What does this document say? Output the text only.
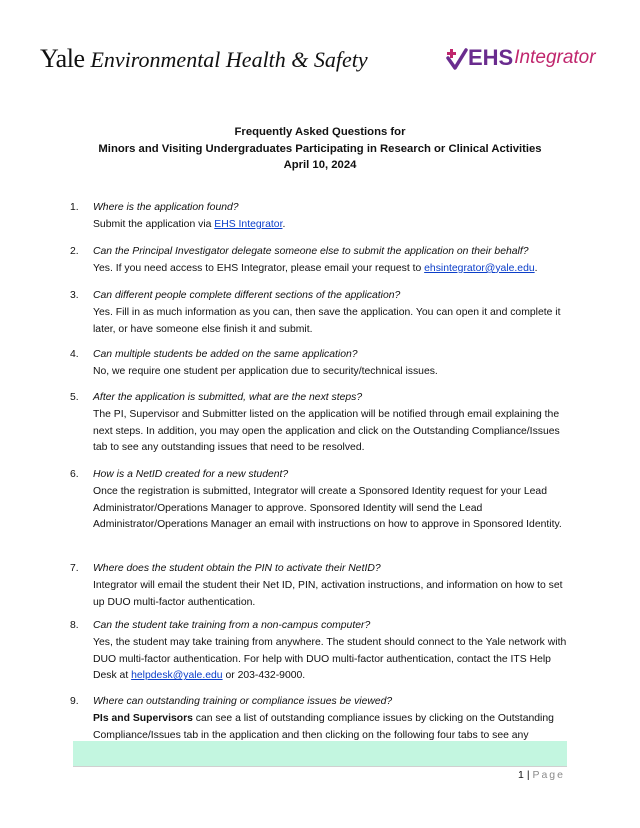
Yale Environmental Health & Safety	EHS Integrator
Frequently Asked Questions for
Minors and Visiting Undergraduates Participating in Research or Clinical Activities
April 10, 2024
1.	Where is the application found?
Submit the application via EHS Integrator.
2.	Can the Principal Investigator delegate someone else to submit the application on their behalf?
Yes. If you need access to EHS Integrator, please email your request to ehsintegrator@yale.edu.
3.	Can different people complete different sections of the application?
Yes. Fill in as much information as you can, then save the application. You can open it and complete it later, or have someone else finish it and submit.
4.	Can multiple students be added on the same application?
No, we require one student per application due to security/technical issues.
5.	After the application is submitted, what are the next steps?
The PI, Supervisor and Submitter listed on the application will be notified through email explaining the next steps. In addition, you may open the application and click on the Outstanding Compliance/Issues tab to see any outstanding issues that need to be resolved.
6.	How is a NetID created for a new student?
Once the registration is submitted, Integrator will create a Sponsored Identity request for your Lead Administrator/Operations Manager to approve. Sponsored Identity will send the Lead Administrator/Operations Manager an email with instructions on how to approve in Sponsored Identity.
7.	Where does the student obtain the PIN to activate their NetID?
Integrator will email the student their Net ID, PIN, activation instructions, and information on how to set up DUO multi-factor authentication.
8.	Can the student take training from a non-campus computer?
Yes, the student may take training from anywhere. The student should connect to the Yale network with DUO multi-factor authentication. For help with DUO multi-factor authentication, contact the ITS Help Desk at helpdesk@yale.edu or 203-432-9000.
9.	Where can outstanding training or compliance issues be viewed?
PIs and Supervisors can see a list of outstanding compliance issues by clicking on the Outstanding Compliance/Issues tab in the application and then clicking on the following four tabs to see any
1 | Page
